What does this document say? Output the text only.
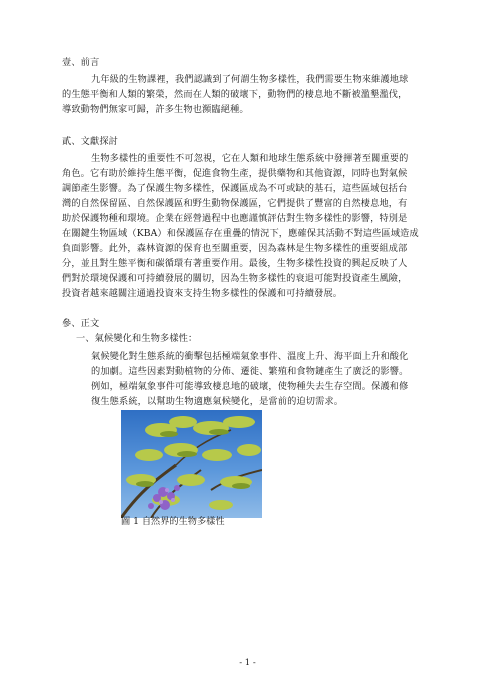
壹、前言
九年級的生物課裡，我們認識到了何謂生物多樣性，我們需要生物來維護地球
的生態平衡和人類的繁榮，然而在人類的破壞下，動物們的棲息地不斷被濫墾濫伐，
導致動物們無家可歸，許多生物也瀕臨絕種。
貳、文獻探討
生物多樣性的重要性不可忽視，它在人類和地球生態系統中發揮著至關重要的
角色。它有助於維持生態平衡，促進食物生產，提供藥物和其他資源，同時也對氣候
調節產生影響。為了保護生物多樣性，保護區成為不可或缺的基石，這些區域包括台
灣的自然保留區、自然保護區和野生動物保護區，它們提供了豐富的自然棲息地，有
助於保護物種和環境。企業在經營過程中也應謹慎評估對生物多樣性的影響，特別是
在關鍵生物區域（KBA）和保護區存在重疊的情況下，應確保其活動不對這些區域造成
負面影響。此外，森林資源的保育也至關重要，因為森林是生物多樣性的重要組成部
分，並且對生態平衡和碳循環有著重要作用。最後，生物多樣性投資的興起反映了人
們對於環境保護和可持續發展的關切，因為生物多樣性的衰退可能對投資產生風險，
投資者越來越關注通過投資來支持生物多樣性的保護和可持續發展。
參、正文
一、氣候變化和生物多樣性：
氣候變化對生態系統的衝擊包括極端氣象事件、溫度上升、海平面上升和酸化
的加劇。這些因素對動植物的分佈、遷徙、繁殖和食物鏈產生了廣泛的影響。
例如，極端氣象事件可能導致棲息地的破壞，使物種失去生存空間。保護和修
復生態系統，以幫助生物適應氣候變化，是當前的迫切需求。
圖 1 自然界的生物多樣性
- 1 -
